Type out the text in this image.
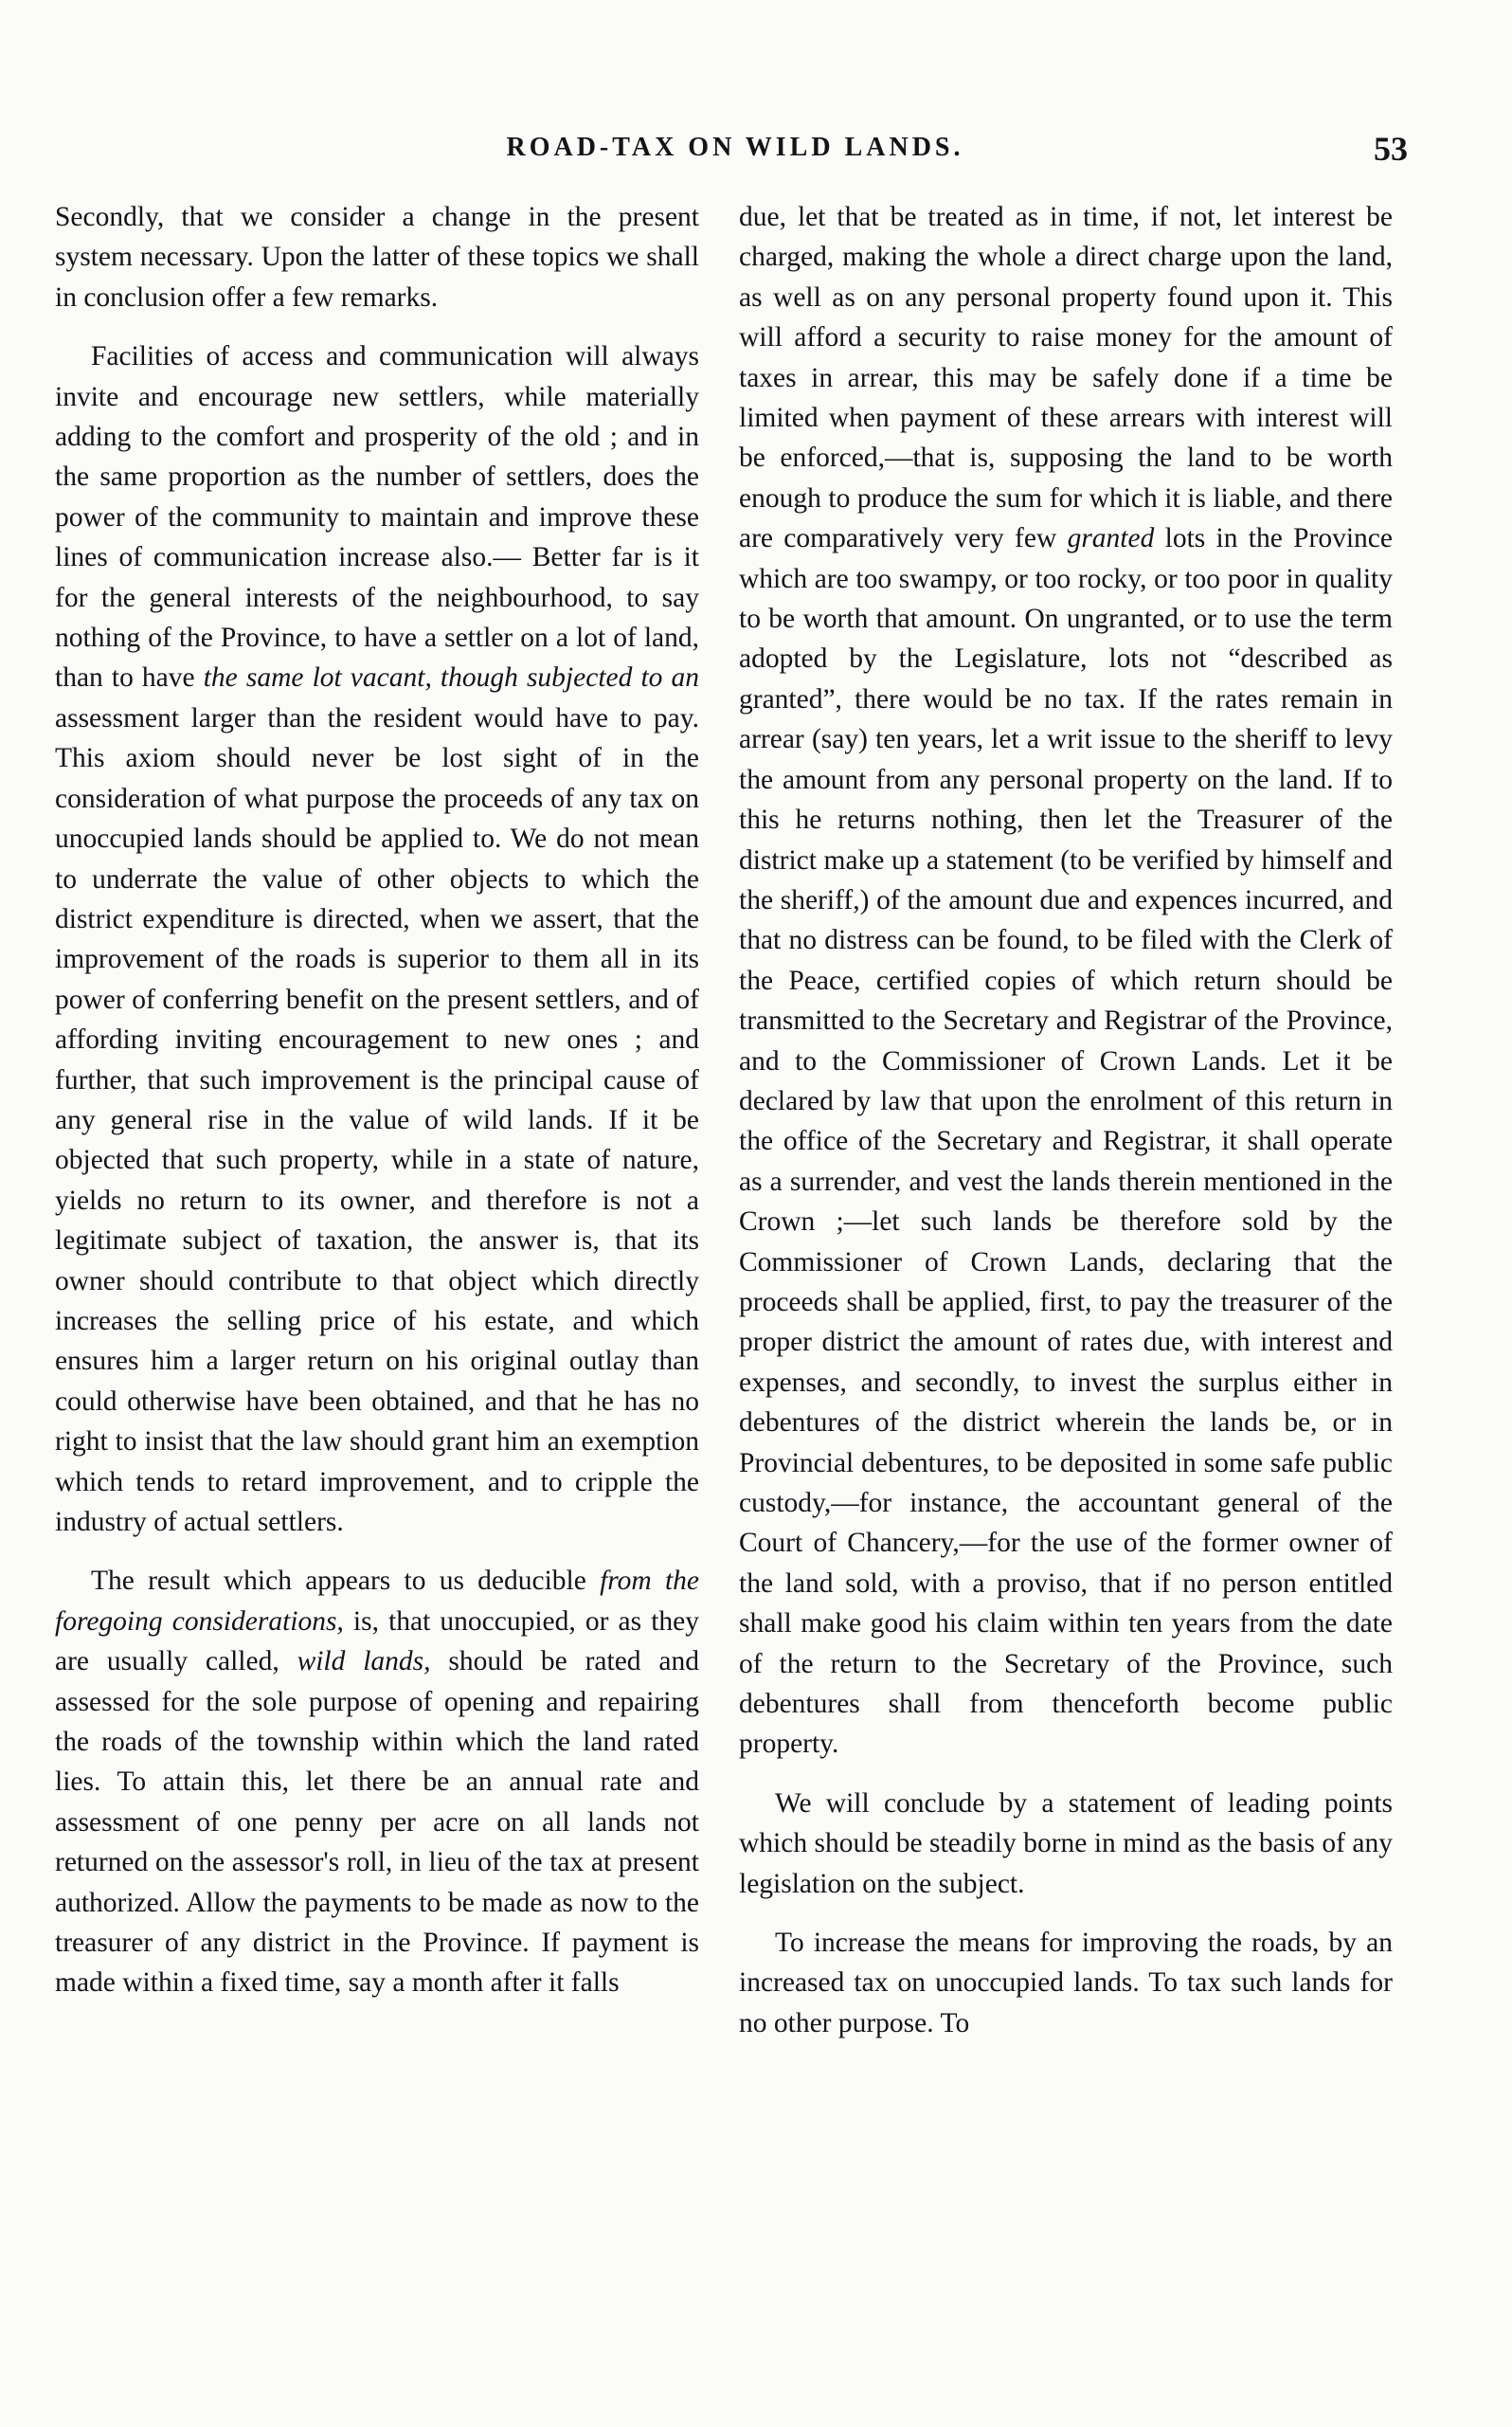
ROAD-TAX ON WILD LANDS.	53

Secondly, that we consider a change in the present system necessary. Upon the latter of these topics we shall in conclusion offer a few remarks.

Facilities of access and communication will always invite and encourage new settlers, while materially adding to the comfort and prosperity of the old ; and in the same proportion as the number of settlers, does the power of the community to maintain and improve these lines of communication increase also.— Better far is it for the general interests of the neighbourhood, to say nothing of the Province, to have a settler on a lot of land, than to have the same lot vacant, though subjected to an assessment larger than the resident would have to pay. This axiom should never be lost sight of in the consideration of what purpose the proceeds of any tax on unoccupied lands should be applied to. We do not mean to underrate the value of other objects to which the district expenditure is directed, when we assert, that the improvement of the roads is superior to them all in its power of conferring benefit on the present settlers, and of affording inviting encouragement to new ones ; and further, that such improvement is the principal cause of any general rise in the value of wild lands. If it be objected that such property, while in a state of nature, yields no return to its owner, and therefore is not a legitimate subject of taxation, the answer is, that its owner should contribute to that object which directly increases the selling price of his estate, and which ensures him a larger return on his original outlay than could otherwise have been obtained, and that he has no right to insist that the law should grant him an exemption which tends to retard improvement, and to cripple the industry of actual settlers.

The result which appears to us deducible from the foregoing considerations, is, that unoccupied, or as they are usually called, wild lands, should be rated and assessed for the sole purpose of opening and repairing the roads of the township within which the land rated lies. To attain this, let there be an annual rate and assessment of one penny per acre on all lands not returned on the assessor's roll, in lieu of the tax at present authorized. Allow the payments to be made as now to the treasurer of any district in the Province. If payment is made within a fixed time, say a month after it falls

due, let that be treated as in time, if not, let interest be charged, making the whole a direct charge upon the land, as well as on any personal property found upon it. This will afford a security to raise money for the amount of taxes in arrear, this may be safely done if a time be limited when payment of these arrears with interest will be enforced,—that is, supposing the land to be worth enough to produce the sum for which it is liable, and there are comparatively very few granted lots in the Province which are too swampy, or too rocky, or too poor in quality to be worth that amount. On ungranted, or to use the term adopted by the Legislature, lots not “described as granted”, there would be no tax. If the rates remain in arrear (say) ten years, let a writ issue to the sheriff to levy the amount from any personal property on the land. If to this he returns nothing, then let the Treasurer of the district make up a statement (to be verified by himself and the sheriff,) of the amount due and expences incurred, and that no distress can be found, to be filed with the Clerk of the Peace, certified copies of which return should be transmitted to the Secretary and Registrar of the Province, and to the Commissioner of Crown Lands. Let it be declared by law that upon the enrolment of this return in the office of the Secretary and Registrar, it shall operate as a surrender, and vest the lands therein mentioned in the Crown ;—let such lands be therefore sold by the Commissioner of Crown Lands, declaring that the proceeds shall be applied, first, to pay the treasurer of the proper district the amount of rates due, with interest and expenses, and secondly, to invest the surplus either in debentures of the district wherein the lands be, or in Provincial debentures, to be deposited in some safe public custody,—for instance, the accountant general of the Court of Chancery,—for the use of the former owner of the land sold, with a proviso, that if no person entitled shall make good his claim within ten years from the date of the return to the Secretary of the Province, such debentures shall from thenceforth become public property.

We will conclude by a statement of leading points which should be steadily borne in mind as the basis of any legislation on the subject.

To increase the means for improving the roads, by an increased tax on unoccupied lands. To tax such lands for no other purpose. To
